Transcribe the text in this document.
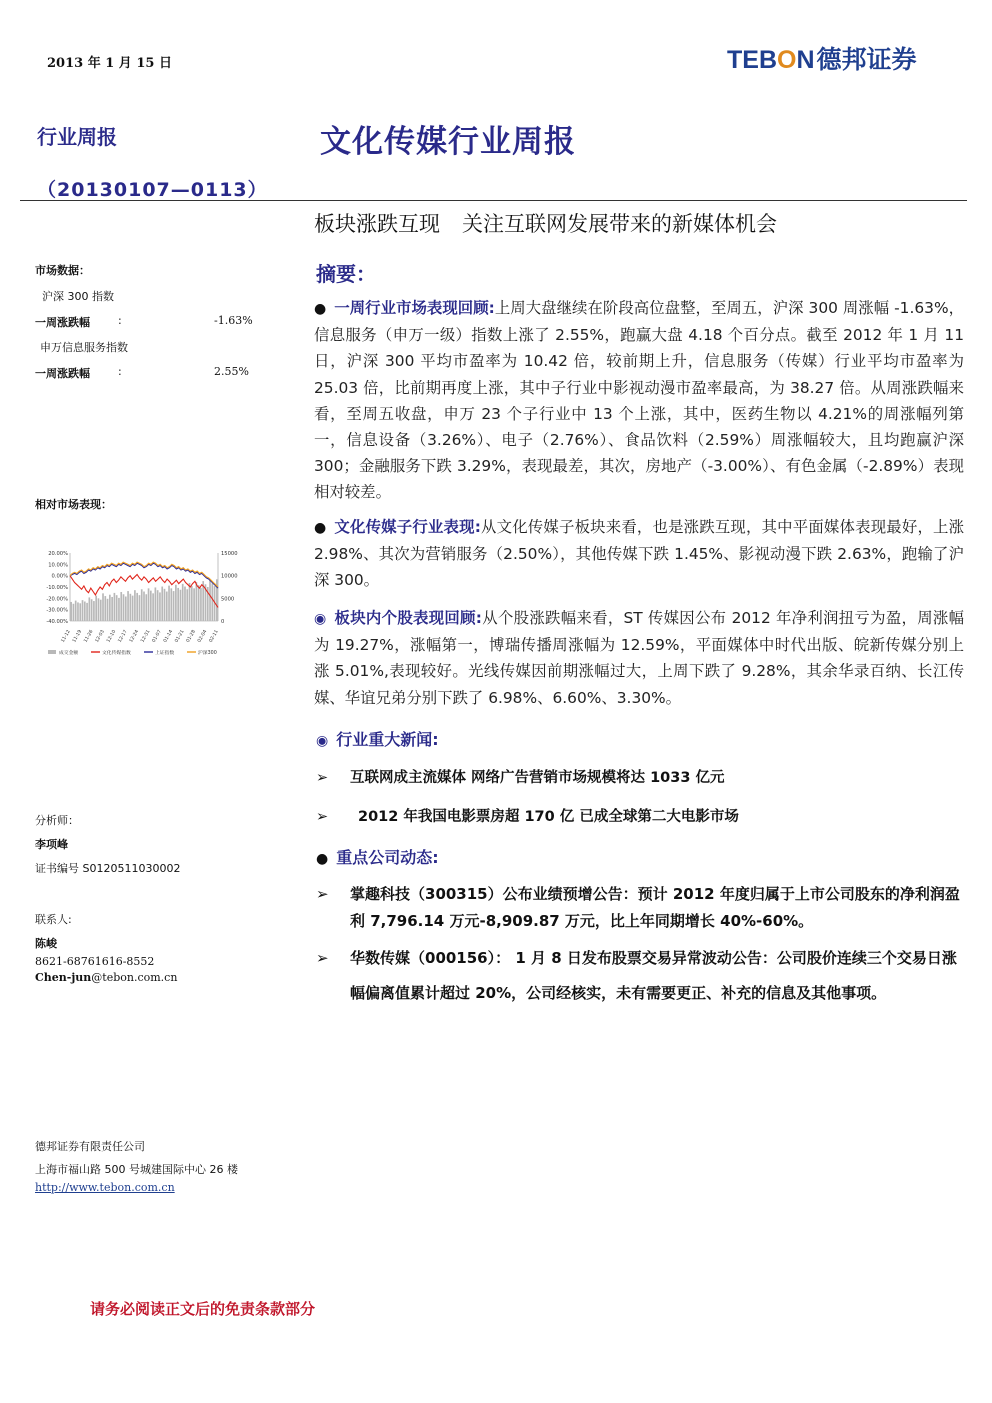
2013 年 1 月 15 日	TEBON德邦证券
行业周报	文化传媒行业周报
（20130107—0113）
板块涨跌互现 关注互联网发展带来的新媒体机会
市场数据：
沪深 300 指数
一周涨跌幅	:	-1.63%
申万信息服务指数
一周涨跌幅	:	2.55%
相对市场表现：
20.00%
10.00%
0.00%
-10.00%
-20.00%
-30.00%
-40.00%
15000
10000
5000
0
11-12 11-19 11-26 12-03 12-10 12-17 12-24 12-31 01-07 01-14 01-21 01-28 02-04 02-11
成交金额	文化传媒指数	上证指数	沪深300
分析师：
李项峰
证书编号 S0120511030002
联系人:
陈峻
8621-68761616-8552
Chen-jun@tebon.com.cn
德邦证券有限责任公司
上海市福山路 500 号城建国际中心 26 楼
http://www.tebon.com.cn
摘要：
● 一周行业市场表现回顾:上周大盘继续在阶段高位盘整，至周五，沪深 300 周涨幅 -1.63%，信息服务（申万一级）指数上涨了 2.55%，跑赢大盘 4.18 个百分点。截至 2012 年 1 月 11 日，沪深 300 平均市盈率为 10.42 倍，较前期上升，信息服务（传媒）行业平均市盈率为 25.03 倍，比前期再度上涨，其中子行业中影视动漫市盈率最高，为 38.27 倍。从周涨跌幅来看，至周五收盘，申万 23 个子行业中 13 个上涨，其中，医药生物以 4.21%的周涨幅列第一，信息设备（3.26%）、电子（2.76%）、食品饮料（2.59%）周涨幅较大，且均跑赢沪深 300；金融服务下跌 3.29%，表现最差，其次，房地产（-3.00%）、有色金属（-2.89%）表现相对较差。
● 文化传媒子行业表现:从文化传媒子板块来看，也是涨跌互现，其中平面媒体表现最好，上涨 2.98%、其次为营销服务（2.50%），其他传媒下跌 1.45%、影视动漫下跌 2.63%，跑输了沪深 300。
◉ 板块内个股表现回顾:从个股涨跌幅来看，ST 传媒因公布 2012 年净利润扭亏为盈，周涨幅为 19.27%，涨幅第一，博瑞传播周涨幅为 12.59%，平面媒体中时代出版、皖新传媒分别上涨 5.01%,表现较好。光线传媒因前期涨幅过大，上周下跌了 9.28%，其余华录百纳、长江传媒、华谊兄弟分别下跌了 6.98%、6.60%、3.30%。
◉ 行业重大新闻:
➢ 互联网成主流媒体 网络广告营销市场规模将达 1033 亿元
➢ 2012 年我国电影票房超 170 亿 已成全球第二大电影市场
● 重点公司动态:
➢	掌趣科技（300315）公布业绩预增公告：预计 2012 年度归属于上市公司股东的净利润盈利 7,796.14 万元-8,909.87 万元，比上年同期增长 40%-60%。
➢	华数传媒（000156）： 1 月 8 日发布股票交易异常波动公告：公司股价连续三个交易日涨幅偏离值累计超过 20%，公司经核实，未有需要更正、补充的信息及其他事项。
请务必阅读正文后的免责条款部分
